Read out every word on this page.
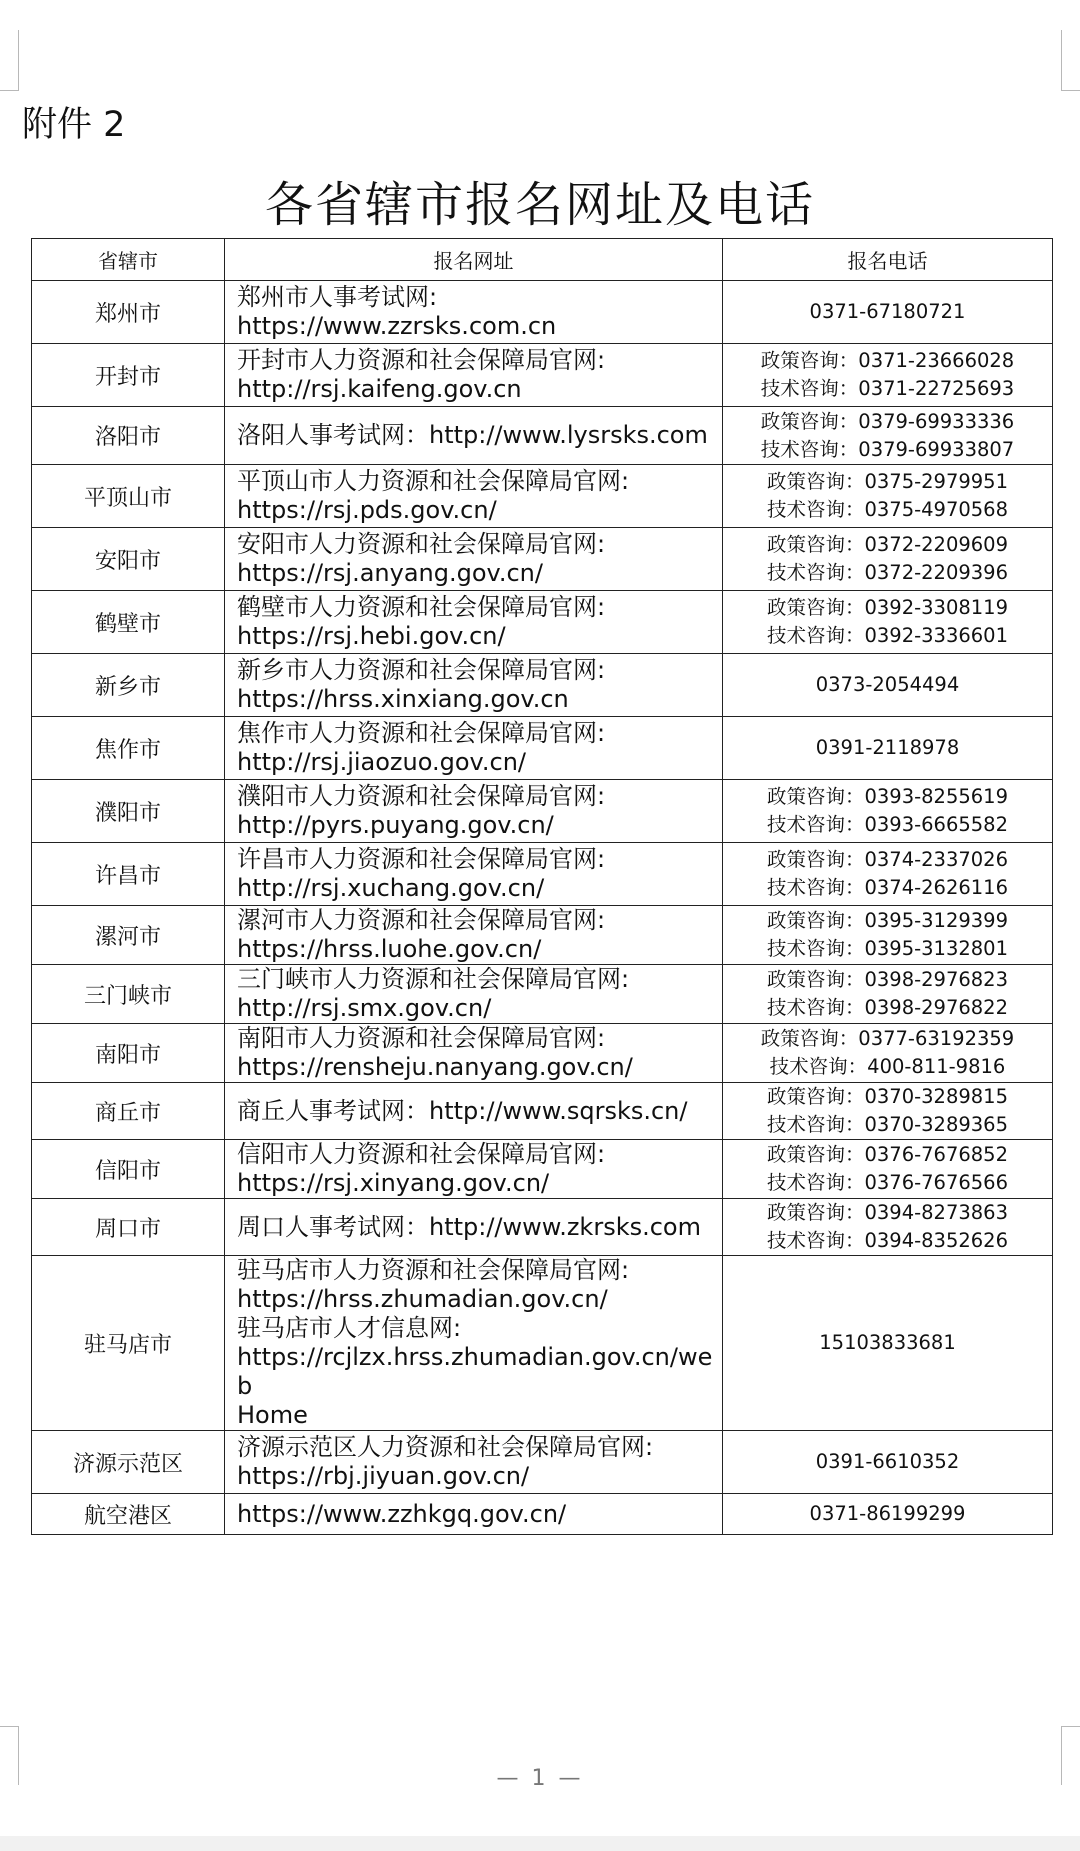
附件 2
各省辖市报名网址及电话
省辖市	报名网址	报名电话
郑州市	郑州市人事考试网:
https://www.zzrsks.com.cn	0371-67180721

开封市	开封市人力资源和社会保障局官网:
http://rsj.kaifeng.gov.cn	政策咨询：0371-23666028
技术咨询：0371-22725693

洛阳市	洛阳人事考试网：http://www.lysrsks.com	政策咨询：0379-69933336
技术咨询：0379-69933807

平顶山市	平顶山市人力资源和社会保障局官网:
https://rsj.pds.gov.cn/	政策咨询：0375-2979951
技术咨询：0375-4970568

安阳市	安阳市人力资源和社会保障局官网:
https://rsj.anyang.gov.cn/	政策咨询：0372-2209609
技术咨询：0372-2209396

鹤壁市	鹤壁市人力资源和社会保障局官网:
https://rsj.hebi.gov.cn/	政策咨询：0392-3308119
技术咨询：0392-3336601

新乡市	新乡市人力资源和社会保障局官网:
https://hrss.xinxiang.gov.cn	0373-2054494

焦作市	焦作市人力资源和社会保障局官网:
http://rsj.jiaozuo.gov.cn/	0391-2118978

濮阳市	濮阳市人力资源和社会保障局官网:
http://pyrs.puyang.gov.cn/	政策咨询：0393-8255619
技术咨询：0393-6665582

许昌市	许昌市人力资源和社会保障局官网:
http://rsj.xuchang.gov.cn/	政策咨询：0374-2337026
技术咨询：0374-2626116

漯河市	漯河市人力资源和社会保障局官网:
https://hrss.luohe.gov.cn/	政策咨询：0395-3129399
技术咨询：0395-3132801

三门峡市	三门峡市人力资源和社会保障局官网:
http://rsj.smx.gov.cn/	政策咨询：0398-2976823
技术咨询：0398-2976822

南阳市	南阳市人力资源和社会保障局官网:
https://rensheju.nanyang.gov.cn/	政策咨询：0377-63192359
技术咨询：400-811-9816

商丘市	商丘人事考试网：http://www.sqrsks.cn/	政策咨询：0370-3289815
技术咨询：0370-3289365

信阳市	信阳市人力资源和社会保障局官网:
https://rsj.xinyang.gov.cn/	政策咨询：0376-7676852
技术咨询：0376-7676566

周口市	周口人事考试网：http://www.zkrsks.com	政策咨询：0394-8273863
技术咨询：0394-8352626

驻马店市	驻马店市人力资源和社会保障局官网:
https://hrss.zhumadian.gov.cn/
驻马店市人才信息网:
https://rcjlzx.hrss.zhumadian.gov.cn/web
Home	15103833681

济源示范区	济源示范区人力资源和社会保障局官网:
https://rbj.jiyuan.gov.cn/	0391-6610352

航空港区	https://www.zzhkgq.gov.cn/	0371-86199299
— 1 —
